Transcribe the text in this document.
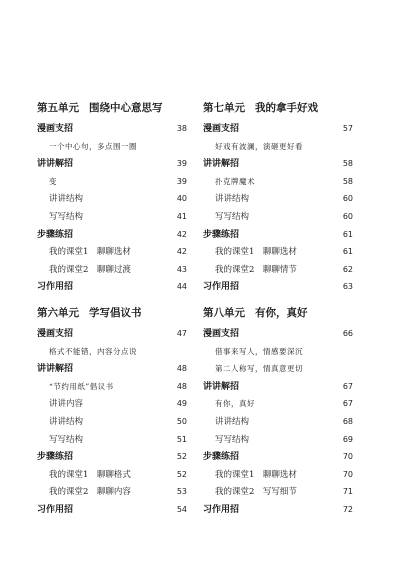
第五单元 围绕中心意思写
漫画支招	38
一个中心句，多点围一圈
讲讲解招	39
变	39
讲讲结构	40
写写结构	41
步骤练招	42
我的课堂1　聊聊选材	42
我的课堂2　聊聊过渡	43
习作用招	44
第七单元 我的拿手好戏
漫画支招	57
好戏有波澜，演砸更好看
讲讲解招	58
扑克牌魔术	58
讲讲结构	60
写写结构	60
步骤练招	61
我的课堂1　聊聊选材	61
我的课堂2　聊聊情节	62
习作用招	63
第六单元 学写倡议书
漫画支招	47
格式不能错，内容分点说
讲讲解招	48
“节约用纸”倡议书	48
讲讲内容	49
讲讲结构	50
写写结构	51
步骤练招	52
我的课堂1　聊聊格式	52
我的课堂2　聊聊内容	53
习作用招	54
第八单元 有你，真好
漫画支招	66
借事来写人，情感要深沉
第二人称写，情真意更切
讲讲解招	67
有你，真好	67
讲讲结构	68
写写结构	69
步骤练招	70
我的课堂1　聊聊选材	70
我的课堂2　写写细节	71
习作用招	72
